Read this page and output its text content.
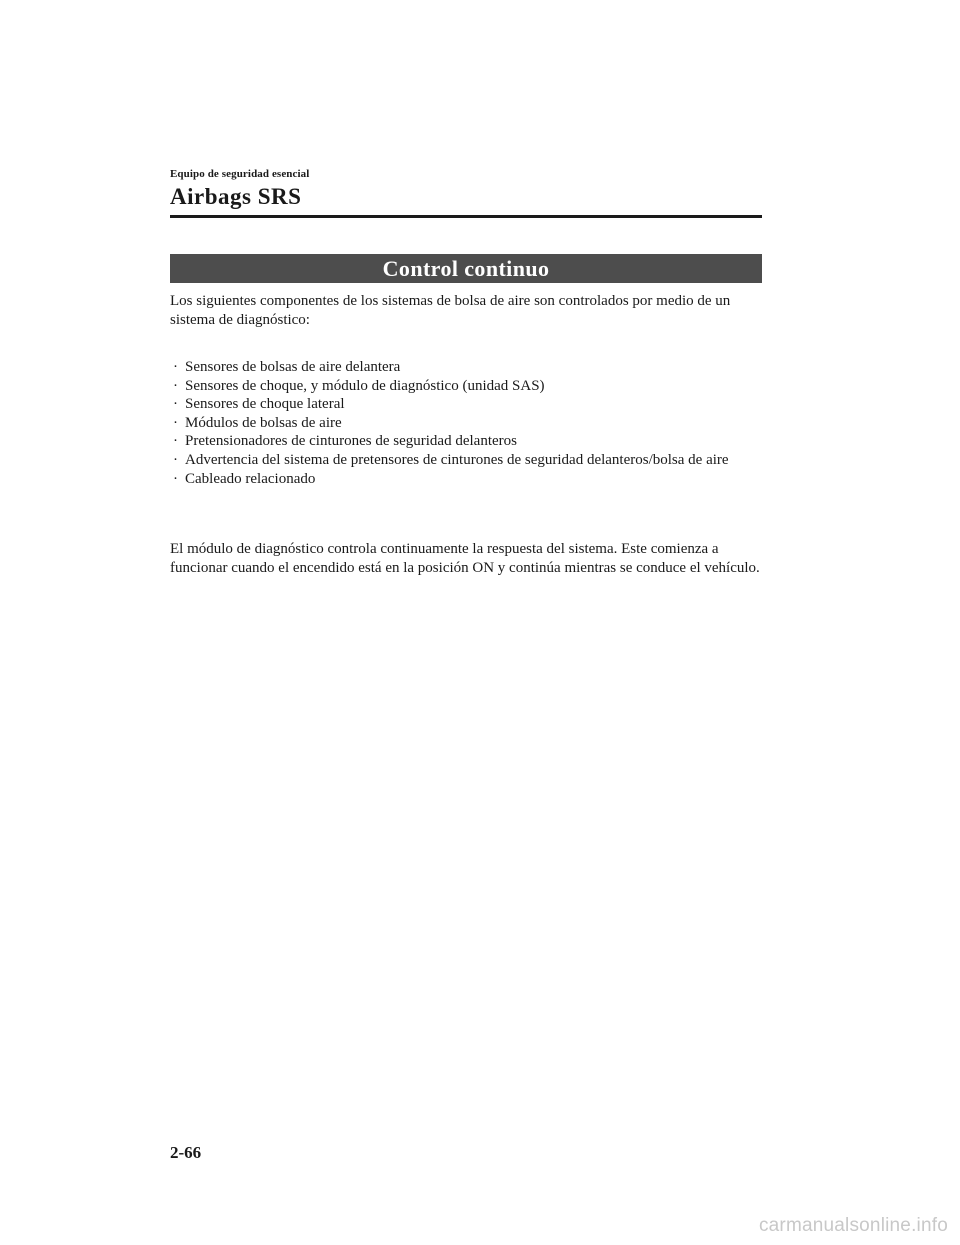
Equipo de seguridad esencial
Airbags SRS
Control continuo

Los siguientes componentes de los sistemas de bolsa de aire son controlados por medio de un sistema de diagnóstico:

· Sensores de bolsas de aire delantera
· Sensores de choque, y módulo de diagnóstico (unidad SAS)
· Sensores de choque lateral
· Módulos de bolsas de aire
· Pretensionadores de cinturones de seguridad delanteros
· Advertencia del sistema de pretensores de cinturones de seguridad delanteros/bolsa de aire
· Cableado relacionado

El módulo de diagnóstico controla continuamente la respuesta del sistema. Este comienza a funcionar cuando el encendido está en la posición ON y continúa mientras se conduce el vehículo.

2-66
carmanualsonline.info
